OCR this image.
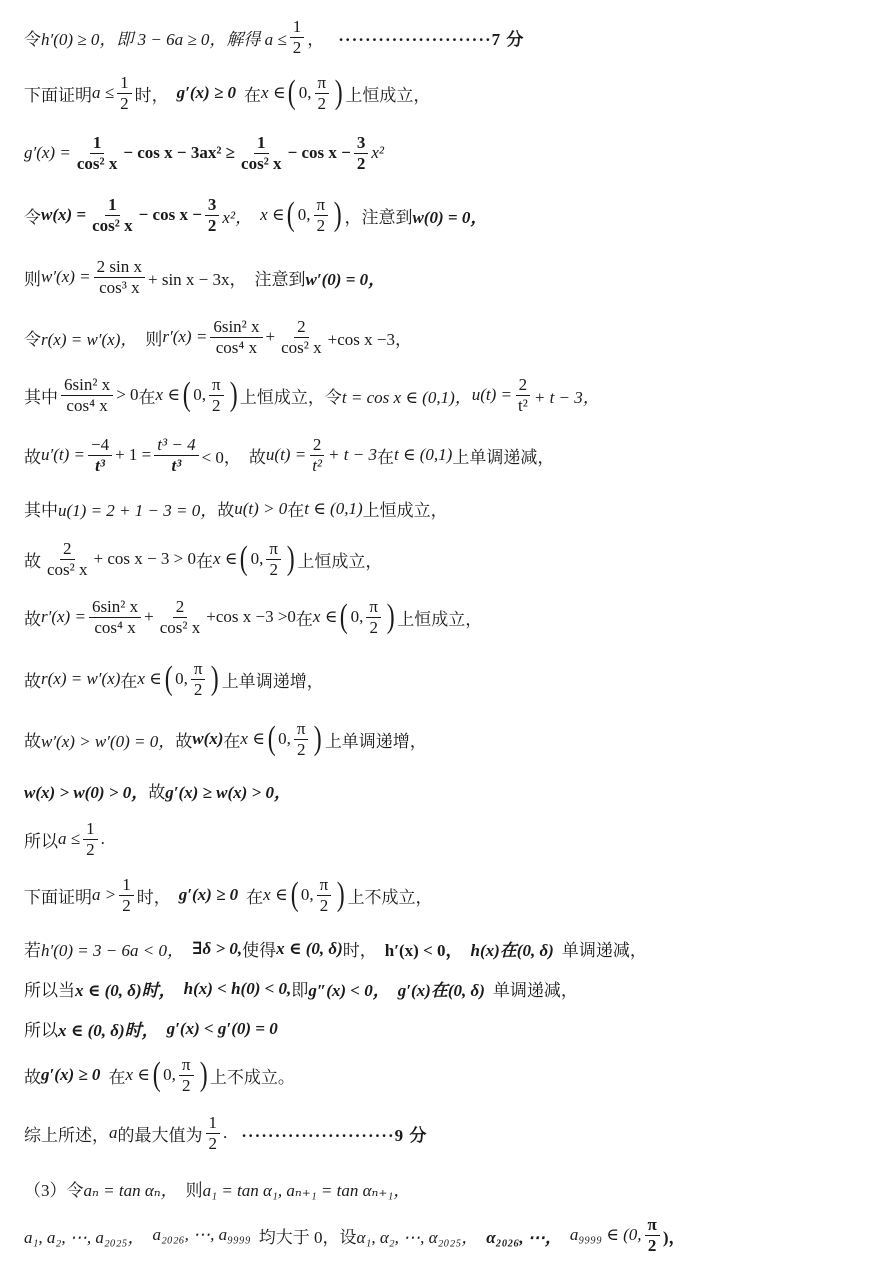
令 h′(0) ≥ 0，即 3 − 6a ≥ 0，解得 $a \le \frac{1}{2}$ ， ·······················7 分
下面证明 $a \le \frac{1}{2}$ 时， g′(x) ≥ 0 在 x ∈ ( 0, $\frac{\pi}{2}$ ) 上恒成立，
$g'(x) = \frac{1}{\text{cos² x}} - \cos x - 3ax^2 \ge \frac{1}{\text{cos² x}} - \cos x - \frac{3}{2} x^2$
令 $w(x) = \frac{1}{\text{cos² x}} - \cos x - \frac{3}{2} x^2$， x ∈ ( 0, $\frac{\pi}{2}$ ) ，注意到 w(0) = 0，
则 $w'(x) = \frac{\text{2 sin x}}{\text{cos³ x}} + \sin x - 3x$， 注意到 w′(0) = 0，
令 r(x) = w′(x)， 则 $r'(x) = \frac{\text{6sin² x}}{\text{cos⁴ x}} + \frac{2}{\text{cos² x}} +\cos$ x −3，
其中 $\frac{\text{6sin² x}}{\text{cos⁴ x}} > 0$ 在 x ∈ ( 0, $\frac{\pi}{2}$ ) 上恒成立，令 t = cos x ∈ (0,1)， $u(t) = \frac{2}{\text{t²}} + t - 3$，
故 $u'(t) = \frac{-4}{\text{t³}} + 1 = \frac{\text{t³ − 4}}{\text{t³}} < 0$， 故 $u(t) = \frac{2}{\text{t²}} + t - 3$ 在 t ∈ (0,1) 上单调递减，
其中 u(1) = 2 + 1 − 3 = 0， 故 u(t) > 0 在 t ∈ (0,1) 上恒成立，
故 $\frac{2}{\text{cos² x}} + \cos x - 3 > 0$ 在 x ∈ ( 0, $\frac{\pi}{2}$ ) 上恒成立，
故 $r'(x) = \frac{\text{6sin² x}}{\text{cos⁴ x}} + \frac{2}{\text{cos² x}} +\cos$ x −3 >0 在 x ∈ ( 0, $\frac{\pi}{2}$ ) 上恒成立，
故 r(x) = w′(x) 在 x ∈ ( 0, $\frac{\pi}{2}$ ) 上单调递增，
故 w′(x) > w′(0) = 0， 故 w(x) 在 x ∈ ( 0, $\frac{\pi}{2}$ ) 上单调递增，
w(x) > w(0) > 0， 故 g′(x) ≥ w(x) > 0，
所以 $a \le \frac{1}{2}$ .
下面证明 $a > \frac{1}{2}$ 时， g′(x) ≥ 0 在 x ∈ ( 0, $\frac{\pi}{2}$ ) 上不成立，
若 h′(0) = 3 − 6a < 0， ∃δ > 0, 使得 x ∈ (0, δ) 时， h′(x) < 0， h(x)在(0, δ) 单调递减，
所以当 x ∈ (0, δ)时， h(x) < h(0) < 0, 即 g″(x) < 0， g′(x)在(0, δ) 单调递减，
所以 x ∈ (0, δ)时， g′(x) < g′(0) = 0
故 g′(x) ≥ 0 在 x ∈ ( 0, $\frac{\pi}{2}$ ) 上不成立。
综上所述， a 的最大值为 $\frac{1}{2}$ . ·······················9 分
（3）令 aₙ = tan αₙ， 则 a₁ = tan α₁, aₙ₊₁ = tan αₙ₊₁，
a₁, a₂, ⋯, a₂₀₂₅， a₂₀₂₆, ⋯, a₉₉₉₉ 均大于 0，设 α₁, α₂, ⋯, α₂₀₂₅， α₂₀₂₆, ⋯， a₉₉₉₉ ∈ (0, $\frac{\pi}{2}$ )，
